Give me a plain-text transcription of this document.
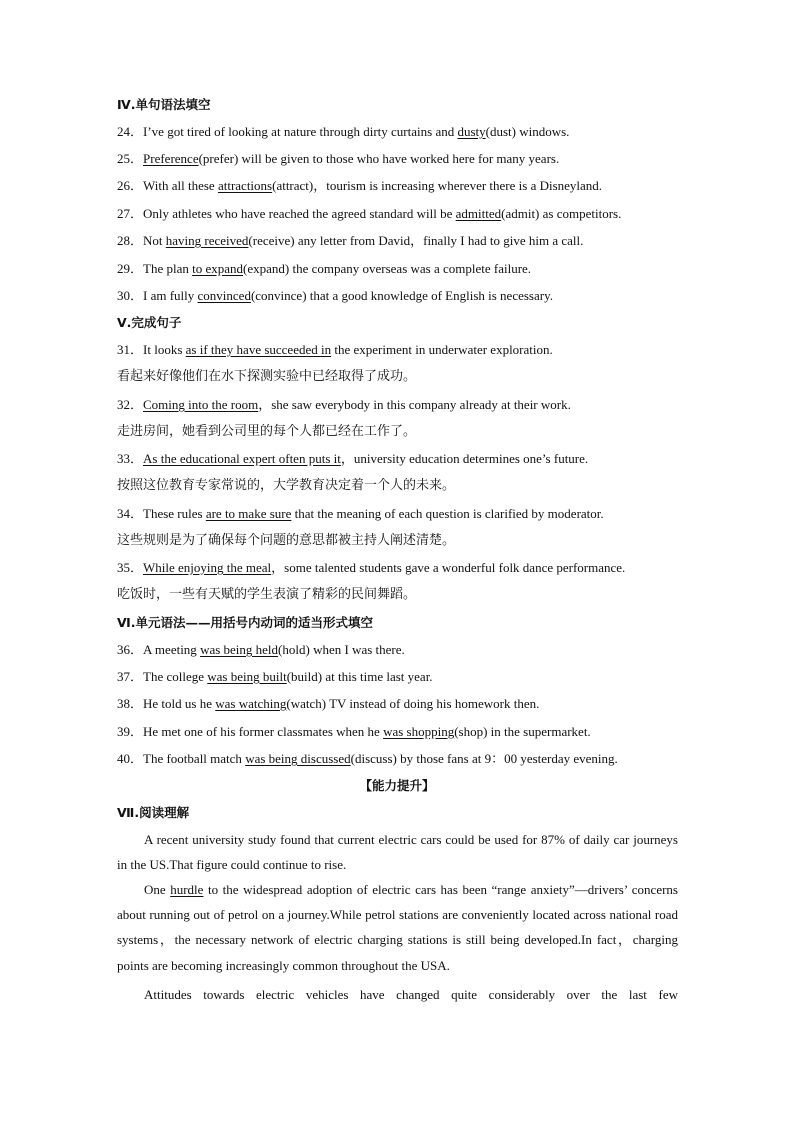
Ⅳ.单句语法填空
24．I’ve got tired of looking at nature through dirty curtains and dusty(dust) windows.
25．Preference(prefer) will be given to those who have worked here for many years.
26．With all these attractions(attract)，tourism is increasing wherever there is a Disneyland.
27．Only athletes who have reached the agreed standard will be admitted(admit) as competitors.
28．Not having received(receive) any letter from David，finally I had to give him a call.
29．The plan to expand(expand) the company overseas was a complete failure.
30．I am fully convinced(convince) that a good knowledge of English is necessary.
Ⅴ.完成句子
31．It looks as if they have succeeded in the experiment in underwater exploration.
看起来好像他们在水下探测实验中已经取得了成功。
32．Coming into the room，she saw everybody in this company already at their work.
走进房间，她看到公司里的每个人都已经在工作了。
33．As the educational expert often puts it，university education determines one’s future.
按照这位教育专家常说的，大学教育决定着一个人的未来。
34．These rules are to make sure that the meaning of each question is clarified by moderator.
这些规则是为了确保每个问题的意思都被主持人阐述清楚。
35．While enjoying the meal，some talented students gave a wonderful folk dance performance.
吃饭时，一些有天赋的学生表演了精彩的民间舞蹈。
Ⅵ.单元语法——用括号内动词的适当形式填空
36．A meeting was being held(hold) when I was there.
37．The college was being built(build) at this time last year.
38．He told us he was watching(watch) TV instead of doing his homework then.
39．He met one of his former classmates when he was shopping(shop) in the supermarket.
40．The football match was being discussed(discuss) by those fans at 9：00 yesterday evening.
【能力提升】
Ⅶ.阅读理解
A recent university study found that current electric cars could be used for 87% of daily car journeys in the US.That figure could continue to rise.
One hurdle to the widespread adoption of electric cars has been “range anxiety”—drivers’ concerns about running out of petrol on a journey.While petrol stations are conveniently located across national road systems，the necessary network of electric charging stations is still being developed.In fact，charging points are becoming increasingly common throughout the USA.
Attitudes towards electric vehicles have changed quite considerably over the last few
